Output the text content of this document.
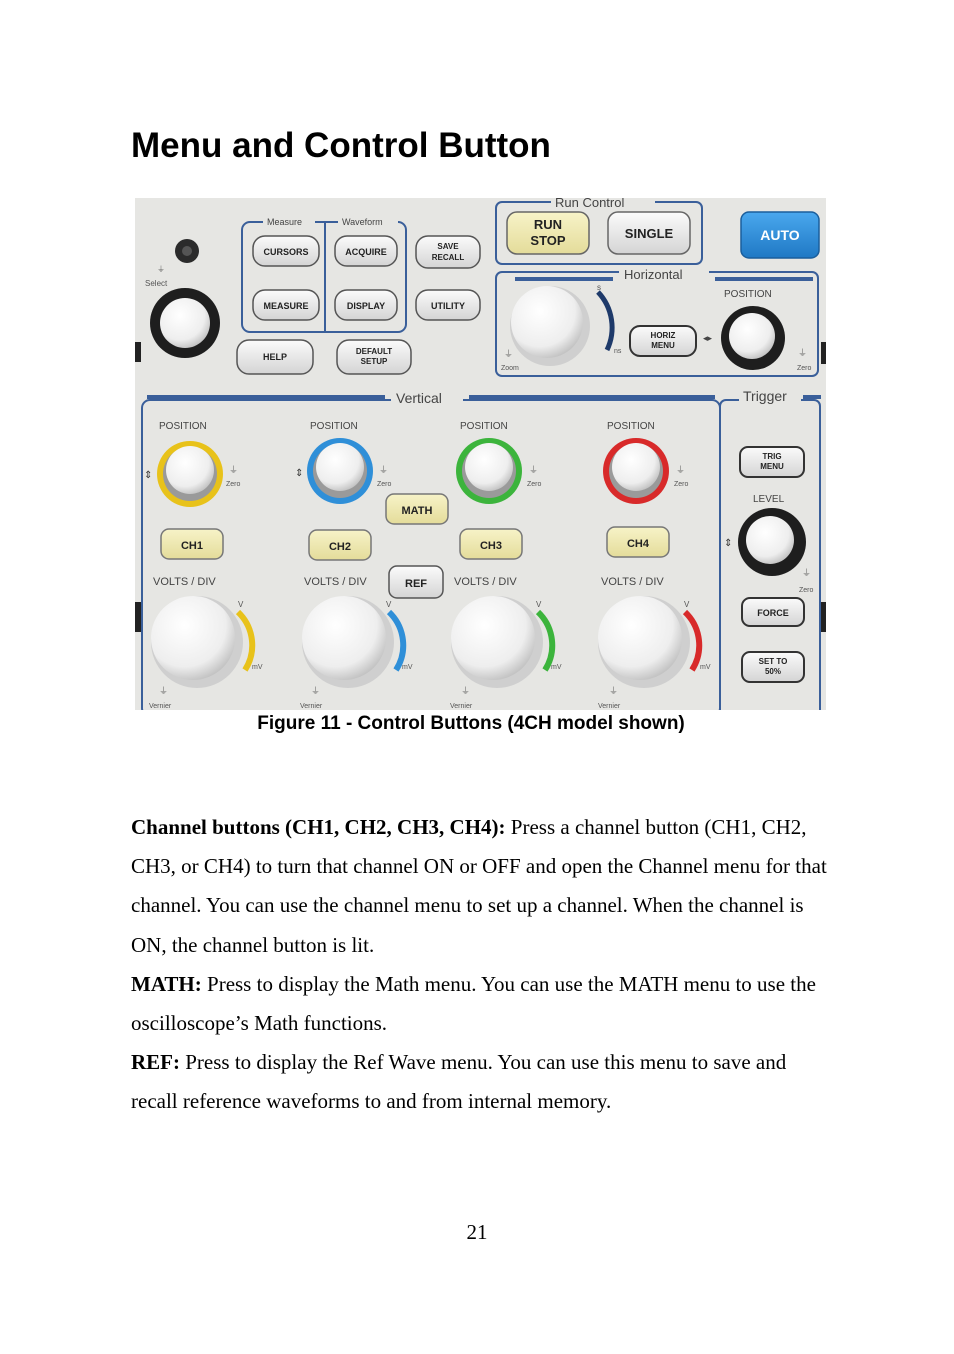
Menu and Control Button
⏚
Select
Measure	Waveform
CURSORS
MEASURE
ACQUIRE
DISPLAY
SAVE
RECALL
UTILITY
HELP
DEFAULT
SETUP
Run Control
RUN
STOP	SINGLE	AUTO
Horizontal
s
ns
⏚
Zoom
HORIZ
MENU
◂▸
POSITION
⏚
Zero
Vertical	Trigger
POSITION
⇕	⏚
Zero
CH1
VOLTS / DIV
V
mV
⏚
Vernier
POSITION
⇕	⏚
Zero
CH2
VOLTS / DIV
V
mV
⏚
Vernier
MATH
REF
POSITION
⏚
Zero
CH3
VOLTS / DIV
V
mV
⏚
Vernier
POSITION
⏚
Zero
CH4
VOLTS / DIV
V
mV
⏚
Vernier
TRIG
MENU
LEVEL
⇕
⏚
Zero
FORCE
SET TO
50%
Figure 11 - Control Buttons (4CH model shown)

Channel buttons (CH1, CH2, CH3, CH4): Press a channel button (CH1, CH2, CH3, or CH4) to turn that channel ON or OFF and open the Channel menu for that channel. You can use the channel menu to set up a channel. When the channel is ON, the channel button is lit.

MATH: Press to display the Math menu. You can use the MATH menu to use the oscilloscope’s Math functions.

REF: Press to display the Ref Wave menu. You can use this menu to save and recall reference waveforms to and from internal memory.

21
